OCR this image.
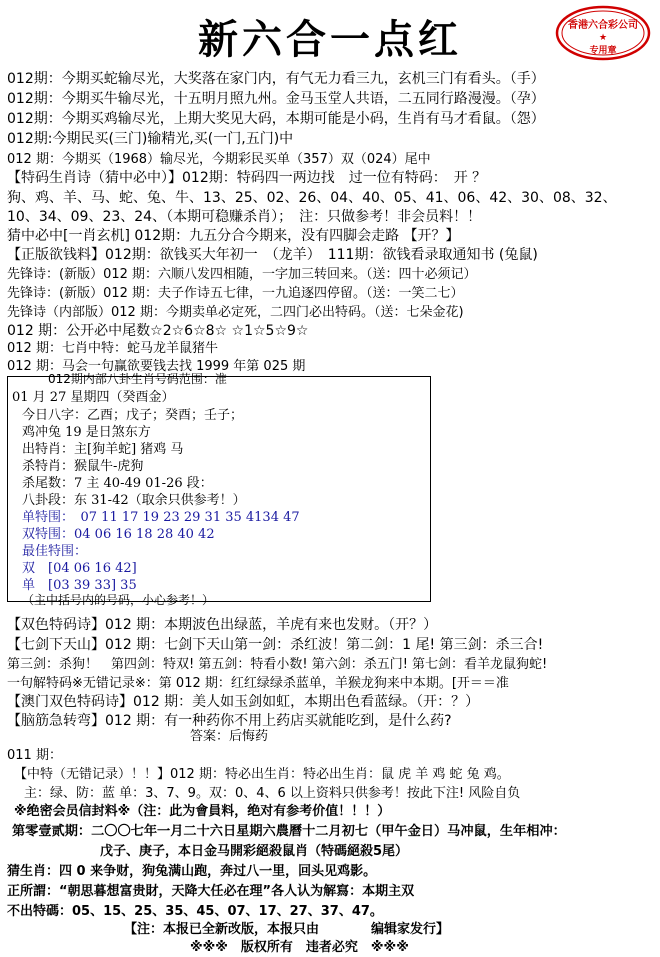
新六合一点红	香港六合彩公司
★
专用章
012期：今期买蛇输尽光，大奖落在家门内，有气无力看三九，玄机三门有看头。（手）
012期：今期买牛输尽光，十五明月照九州。金马玉堂人共语，二五同行路漫漫。（孕）
012期：今期买鸡输尽光，上期大奖见大码，本期可能是小码，生肖有马才看鼠。（怨）
012期:今期民买(三门)输精光,买(一门,五门)中
012 期：今期买（1968）输尽光，今期彩民买单（357）双（024）尾中
【特码生肖诗（猜中必中）】012期：特码四一两边找　过一位有特码：　开 ？
狗、鸡、羊、马、蛇、兔、牛、13、25、02、26、04、40、05、41、06、42、30、08、32、
10、34、09、23、24、（本期可稳赚杀肖）；　注：只做参考！非会员料！！
猜中必中[一肖玄机] 012期：九五分合今期来，没有四脚会走路 【开？】
【正版欲钱料】012期：欲钱买大年初一　（龙羊）　111期：欲钱看录取通知书 (兔鼠)
先锋诗：(新版）012 期：六顺八发四相随，一字加三转回来。（送：四十必须记）
先锋诗：(新版）012 期：夫子作诗五七律，一九追逐四停留。（送：一笑二七）
先锋诗（内部版）012 期：今期卖单必定死，二四门必出特码。（送：七朵金花)
012 期：公开必中尾数☆2☆6☆8☆ ☆1☆5☆9☆
012 期：七肖中特：蛇马龙羊鼠猪牛
012 期：马会一句赢欲要钱去找 1999 年第 025 期
012期内部八卦生肖号码范围：准
01 月 27 星期四（癸酉金）
今日八字：乙酉；戊子；癸酉；壬子；
鸡冲兔 19 是日煞东方
出特肖：主[狗羊蛇] 猪鸡 马
杀特肖：猴鼠牛-虎狗
杀尾数：7 主 40-49 01-26 段：
八卦段：东 31-42（取余只供参考！）
单特围：　07 11 17 19 23 29 31 35 4134 47
双特围：04 06 16 18 28 40 42
最佳特围：
双　[04 06 16 42]
单　[03 39 33] 35
（主中括号内的号码，小心参考！）
【双色特码诗】012 期：本期波色出绿蓝，羊虎有来也发财。（开？）
【七剑下天山】012 期：七剑下天山第一剑：杀红波！第二剑：1 尾! 第三剑：杀三合!
第三剑：杀狗！　第四剑：特双! 第五剑：特看小数! 第六剑：杀五门! 第七剑：看羊龙鼠狗蛇!
一句解特码※无错记录※：第 012 期：红红绿绿杀蓝单，羊猴龙狗来中本期。[开＝＝准
【澳门双色特码诗】012 期：美人如玉剑如虹，本期出色看蓝绿。（开：？）
【脑筋急转弯】012 期：有一种药你不用上药店买就能吃到，是什么药?
答案：后悔药
011 期：
【中特（无错记录）！！】012 期：特必出生肖：特必出生肖：鼠 虎 羊 鸡 蛇 兔 鸡。
主：绿、防：蓝 单：3、7、9。双：0、4、6 以上资料只供参考！按此下注! 风险自负
※绝密会员信封料※（注：此为會員料，绝对有参考价值！！！）
第零壹贰期：二〇〇七年一月二十六日星期六農曆十二月初七（甲午金日）马冲鼠，生年相冲：
戊子、庚子，本日金马開彩絕殺鼠肖（特碼絕殺5尾）
猜生肖：四 0 来争财，狗兔满山跑，奔过八一里，回头见鸡影。
正所謂：“朝思暮想富贵財，天降大任必在理”各人认为解寫：本期主双
不出特碼：05、15、25、35、45、07、17、27、37、47。
【注：本报已全新改版，本报只由　　　　编辑家发行】
※※※　版权所有　违者必究　※※※
